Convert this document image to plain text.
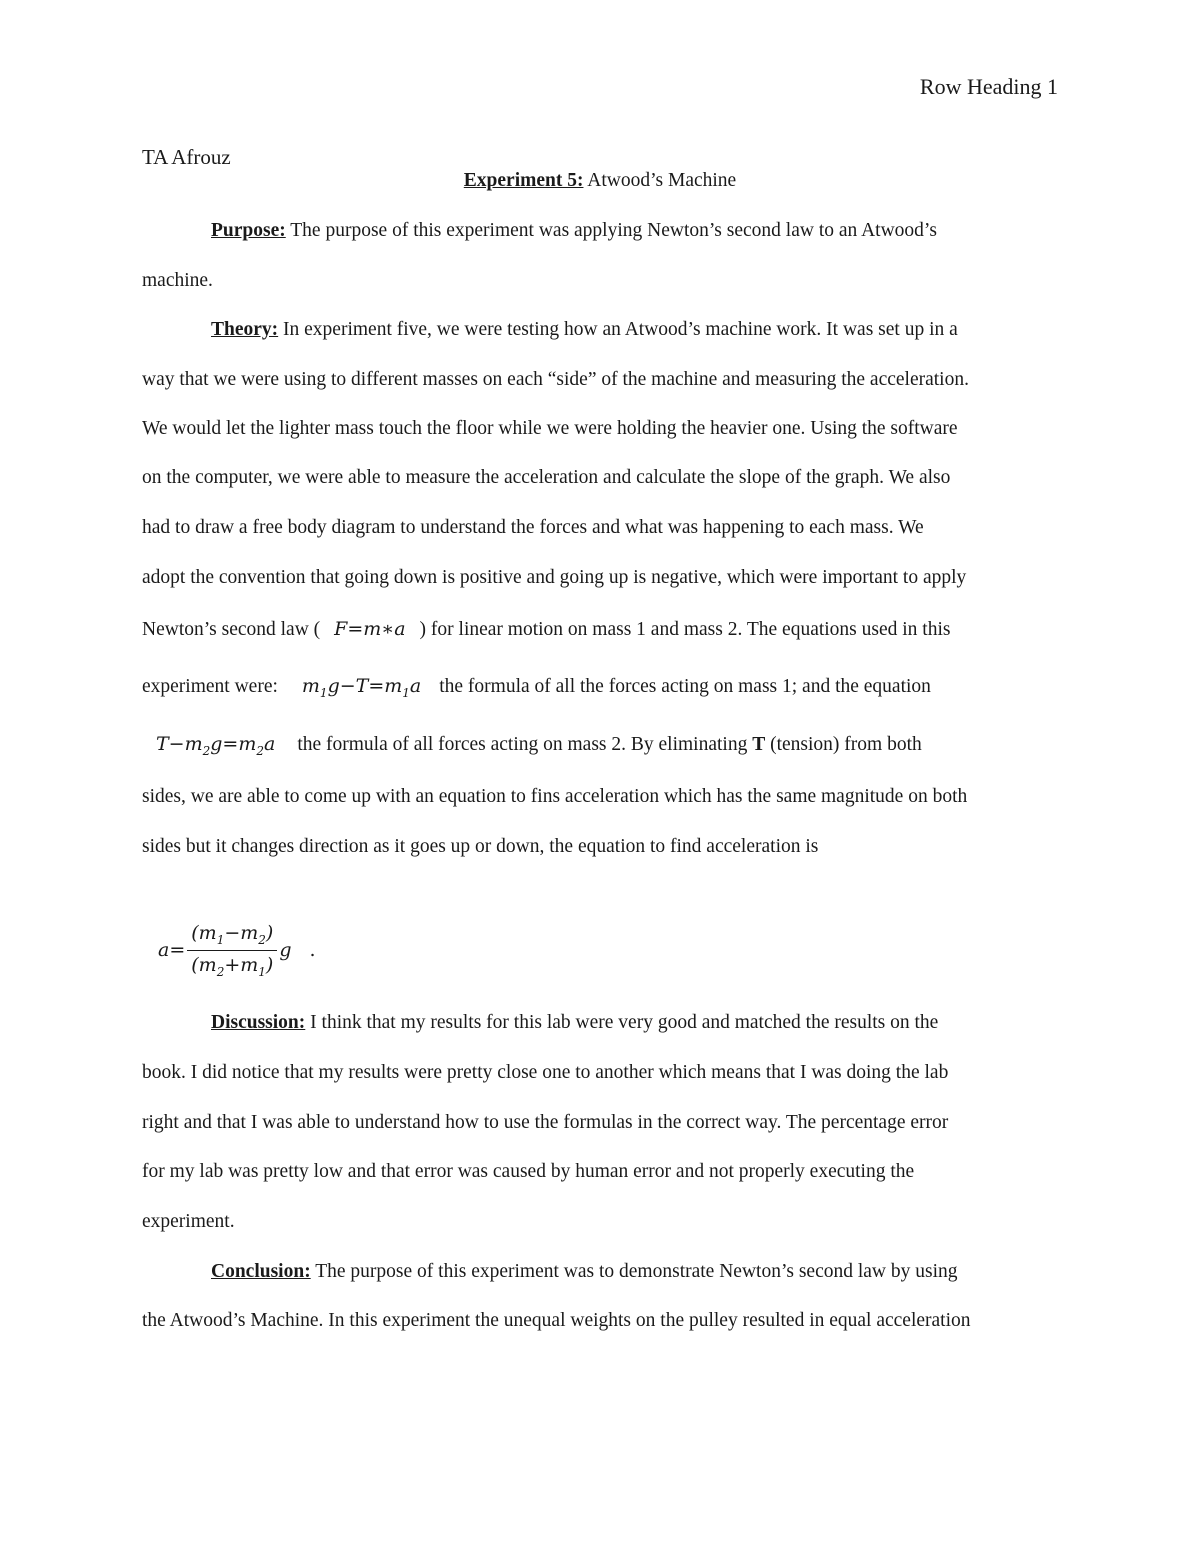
Row Heading 1
TA Afrouz
Experiment 5: Atwood’s Machine
Purpose: The purpose of this experiment was applying Newton’s second law to an Atwood’s
machine.
Theory: In experiment five, we were testing how an Atwood’s machine work. It was set up in a
way that we were using to different masses on each “side” of the machine and measuring the acceleration.
We would let the lighter mass touch the floor while we were holding the heavier one. Using the software
on the computer, we were able to measure the acceleration and calculate the slope of the graph. We also
had to draw a free body diagram to understand the forces and what was happening to each mass. We
adopt the convention that going down is positive and going up is negative, which were important to apply
Newton’s second law ( F=m∗a ) for linear motion on mass 1 and mass 2. The equations used in this
experiment were: $m_1g-T=m_1a$ the formula of all the forces acting on mass 1; and the equation
$T-m_2g=m_2a$ the formula of all forces acting on mass 2. By eliminating T (tension) from both
sides, we are able to come up with an equation to fins acceleration which has the same magnitude on both
sides but it changes direction as it goes up or down, the equation to find acceleration is
$a= \frac{(m_1-m_2)}{(m_2+m_1)}$ g .
Discussion: I think that my results for this lab were very good and matched the results on the
book. I did notice that my results were pretty close one to another which means that I was doing the lab
right and that I was able to understand how to use the formulas in the correct way. The percentage error
for my lab was pretty low and that error was caused by human error and not properly executing the
experiment.
Conclusion: The purpose of this experiment was to demonstrate Newton’s second law by using
the Atwood’s Machine. In this experiment the unequal weights on the pulley resulted in equal acceleration
